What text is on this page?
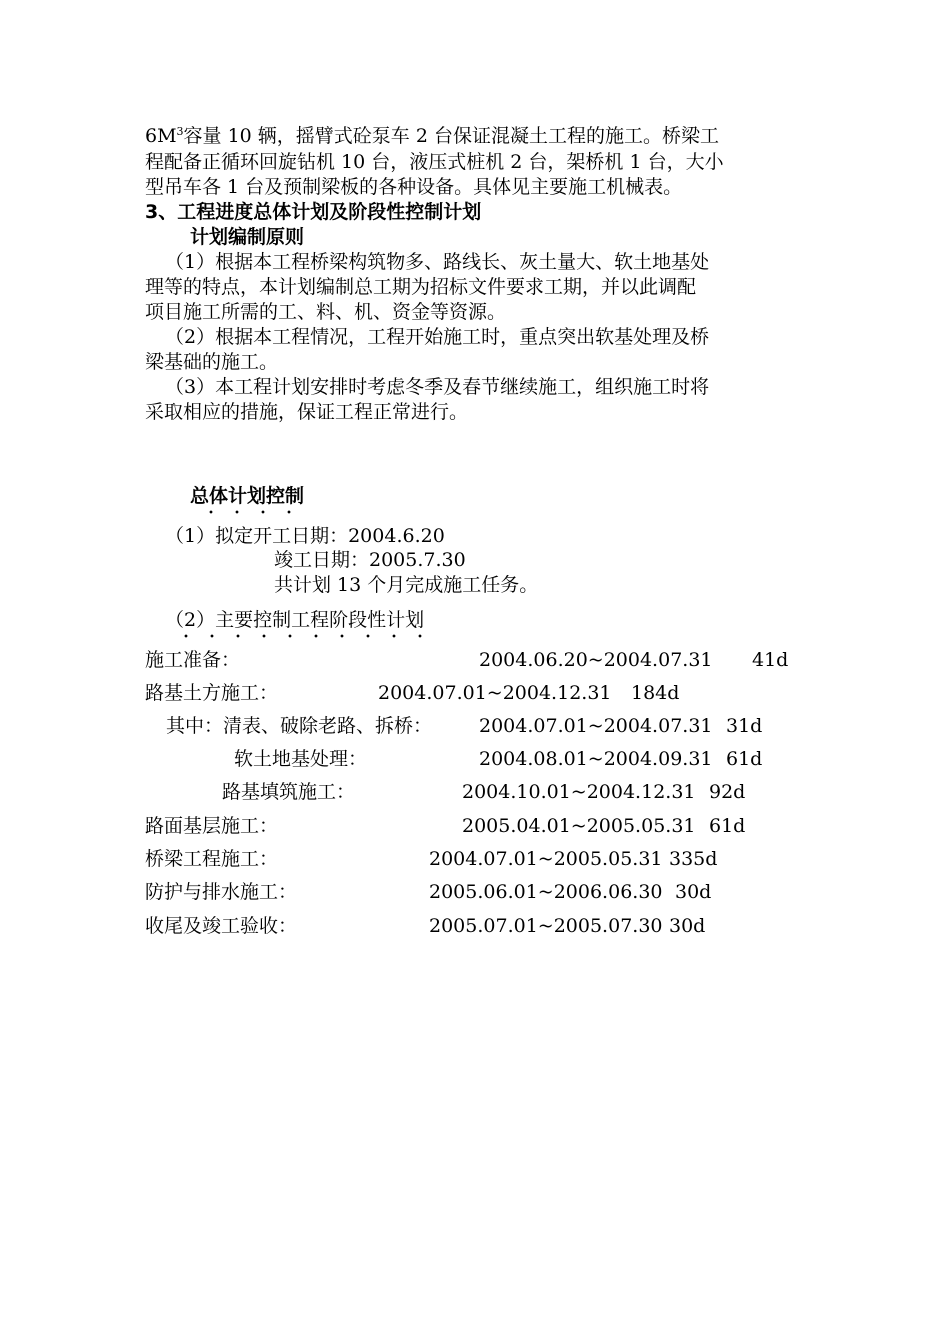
$6M^3$容量 10 辆，摇臂式砼泵车 2 台保证混凝土工程的施工。桥梁工
程配备正循环回旋钻机 10 台，液压式桩机 2 台，架桥机 1 台，大小
型吊车各 1 台及预制梁板的各种设备。具体见主要施工机械表。
3、工程进度总体计划及阶段性控制计划
计划编制原则
（1）根据本工程桥梁构筑物多、路线长、灰土量大、软土地基处
理等的特点，本计划编制总工期为招标文件要求工期，并以此调配
项目施工所需的工、料、机、资金等资源。
（2）根据本工程情况，工程开始施工时，重点突出软基处理及桥
梁基础的施工。
（3）本工程计划安排时考虑冬季及春节继续施工，组织施工时将
采取相应的措施，保证工程正常进行。
总体计划控制
（1）拟定开工日期：2004.6.20
竣工日期：2005.7.30
共计划 13 个月完成施工任务。
（2）主要控制工程阶段性计划
施工准备：	2004.06.20~2004.07.31 41d
路基土方施工：	2004.07.01~2004.12.31 184d
其中：清表、破除老路、拆桥： 2004.07.01~2004.07.31 31d
软土地基处理：	2004.08.01~2004.09.31 61d
路基填筑施工：	2004.10.01~2004.12.31 92d
路面基层施工：	2005.04.01~2005.05.31 61d
桥梁工程施工：	2004.07.01~2005.05.31 335d
防护与排水施工：	2005.06.01~2006.06.30 30d
收尾及竣工验收：	2005.07.01~2005.07.30 30d
